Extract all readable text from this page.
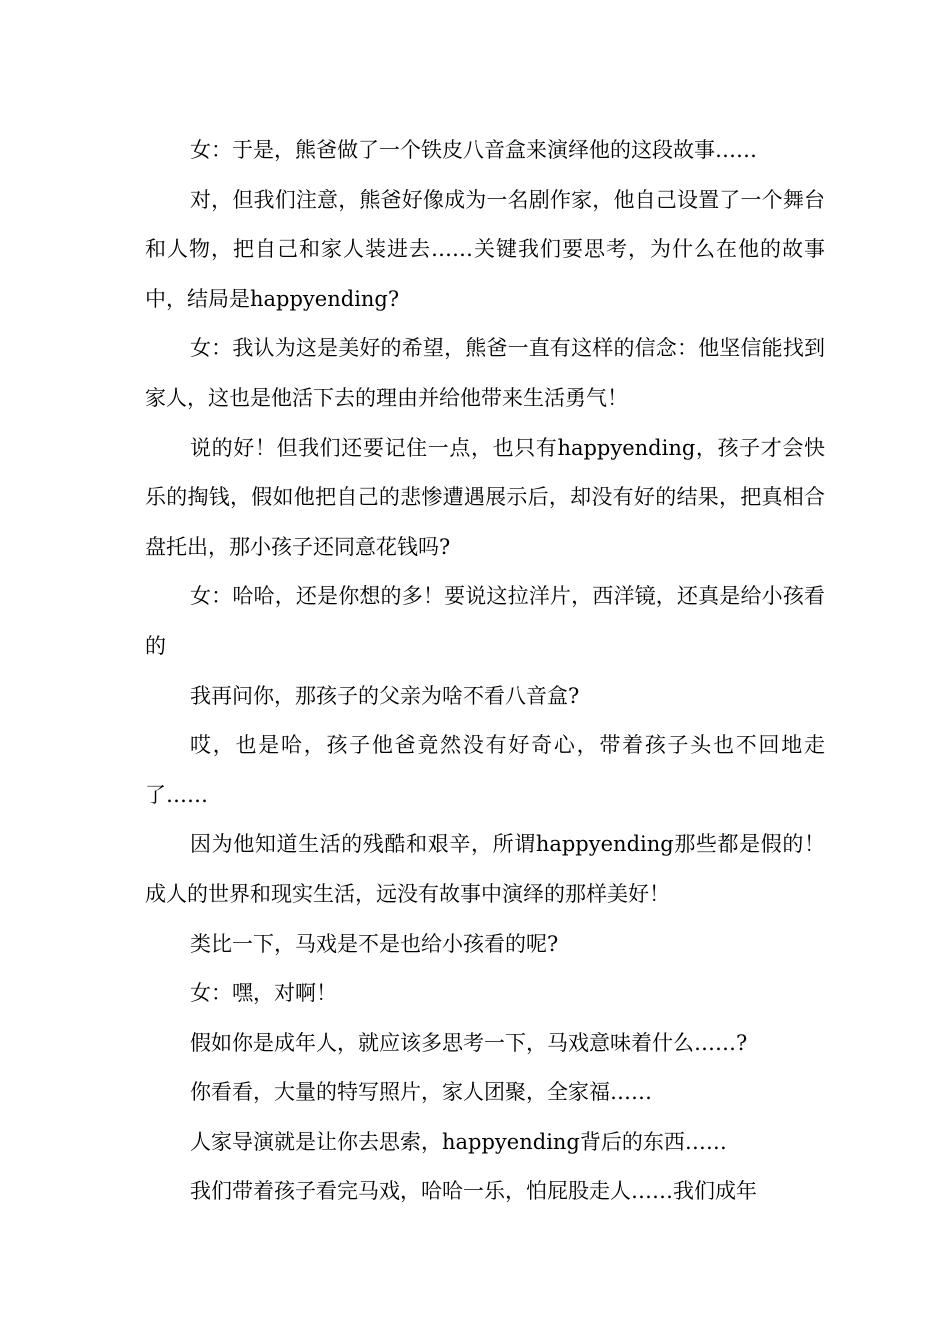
女：于是，熊爸做了一个铁皮八音盒来演绎他的这段故事……

对，但我们注意，熊爸好像成为一名剧作家，他自己设置了一个舞台和人物，把自己和家人装进去……关键我们要思考，为什么在他的故事中，结局是happyending?

女：我认为这是美好的希望，熊爸一直有这样的信念：他坚信能找到家人，这也是他活下去的理由并给他带来生活勇气！

说的好！但我们还要记住一点，也只有happyending，孩子才会快乐的掏钱，假如他把自己的悲惨遭遇展示后，却没有好的结果，把真相合盘托出，那小孩子还同意花钱吗?

女：哈哈，还是你想的多！要说这拉洋片，西洋镜，还真是给小孩看的

我再问你，那孩子的父亲为啥不看八音盒?

哎，也是哈，孩子他爸竟然没有好奇心，带着孩子头也不回地走了……

因为他知道生活的残酷和艰辛，所谓happyending那些都是假的！成人的世界和现实生活，远没有故事中演绎的那样美好！

类比一下，马戏是不是也给小孩看的呢?

女：嘿，对啊！

假如你是成年人，就应该多思考一下，马戏意味着什么……?

你看看，大量的特写照片，家人团聚，全家福……

人家导演就是让你去思索，happyending背后的东西……

我们带着孩子看完马戏，哈哈一乐，怕屁股走人……我们成年
